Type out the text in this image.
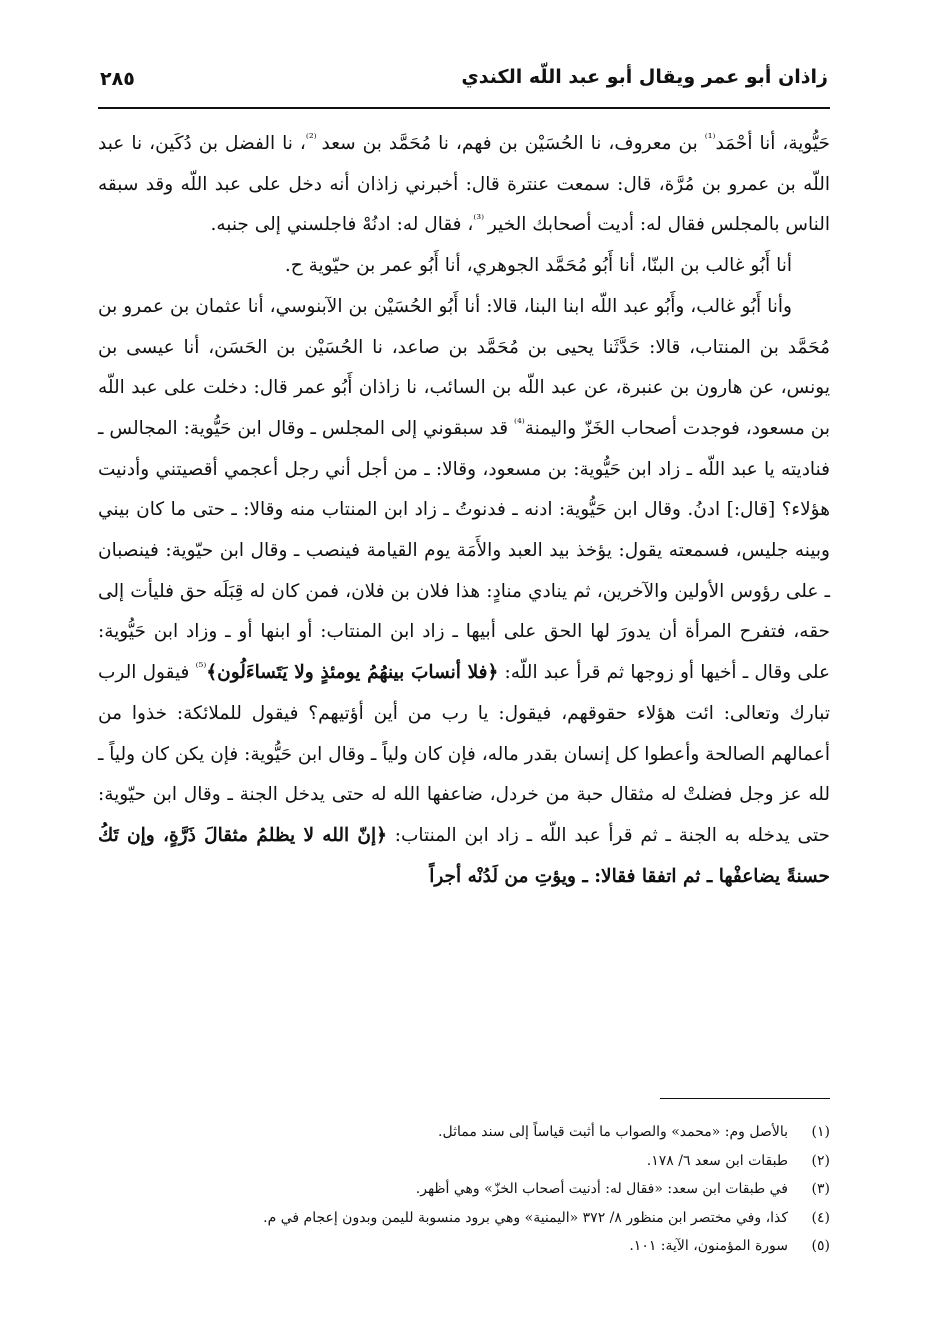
زاذان أبو عمر ويقال أبو عبد اللّه الكندي
٢٨٥

حَيُّوية، أنا أحْمَد$^{^{(1)}}$ بن معروف، نا الحُسَيْن بن فهم، نا مُحَمَّد بن سعد $^{^{(2)}}$، نا الفضل بن دُكَين، نا عبد اللّه بن عمرو بن مُرَّة، قال: سمعت عنترة قال: أخبرني زاذان أنه دخل على عبد اللّه وقد سبقه الناس بالمجلس فقال له: أديت أصحابك الخير $^{^{(3)}}$، فقال له: ادنُهْ فاجلسني إلى جنبه.

أنا أَبُو غالب بن البنّا، أنا أَبُو مُحَمَّد الجوهري، أنا أَبُو عمر بن حيّوية ح.

وأنا أَبُو غالب، وأَبُو عبد اللّه ابنا البنا، قالا: أنا أَبُو الحُسَيْن بن الآبنوسي، أنا عثمان بن عمرو بن مُحَمَّد بن المنتاب، قالا: حَدَّثَنا يحيى بن مُحَمَّد بن صاعد، نا الحُسَيْن بن الحَسَن، أنا عيسى بن يونس، عن هارون بن عنبرة، عن عبد اللّه بن السائب، نا زاذان أَبُو عمر قال: دخلت على عبد اللّه بن مسعود، فوجدت أصحاب الخَزّ واليمنة$^{^{(4)}}$ قد سبقوني إلى المجلس ـ وقال ابن حَيُّوية: المجالس ـ فناديته يا عبد اللّه ـ زاد ابن حَيُّوية: بن مسعود، وقالا: ـ من أجل أني رجل أعجمي أقصيتني وأدنيت هؤلاء؟ [قال:] ادنُ. وقال ابن حَيُّوية: ادنه ـ فدنوتُ ـ زاد ابن المنتاب منه وقالا: ـ حتى ما كان بيني وبينه جليس، فسمعته يقول: يؤخذ بيد العبد والأَمَة يوم القيامة فينصب ـ وقال ابن حيّوية: فينصبان ـ على رؤوس الأولين والآخرين، ثم ينادي منادٍ: هذا فلان بن فلان، فمن كان له قِبَلَه حق فليأت إلى حقه، فتفرح المرأة أن يدورَ لها الحق على أبيها ـ زاد ابن المنتاب: أو ابنها أو ـ وزاد ابن حَيُّوية: على وقال ـ أخيها أو زوجها ثم قرأ عبد اللّه: ﴿فلا أنسابَ بينهُمُ يومئذٍ ولا يَتَساءَلُون﴾$^{^{(5)}}$ فيقول الرب تبارك وتعالى: ائت هؤلاء حقوقهم، فيقول: يا رب من أين أؤتيهم؟ فيقول للملائكة: خذوا من أعمالهم الصالحة وأعطوا كل إنسان بقدر ماله، فإن كان ولياً ـ وقال ابن حَيُّوية: فإن يكن كان ولياً ـ لله عز وجل فضلتْ له مثقال حبة من خردل، ضاعفها الله له حتى يدخل الجنة ـ وقال ابن حيّوية: حتى يدخله به الجنة ـ ثم قرأ عبد اللّه ـ زاد ابن المنتاب: ﴿إنّ الله لا يظلمُ مثقالَ ذَرَّةٍ، وإن تَكُ حسنةً يضاعفْها ـ ثم اتفقا فقالا: ـ ويؤتِ من لَدُنْه أجراً

(١)
بالأصل وم: «محمد» والصواب ما أثبت قياساً إلى سند مماثل.
(٢)
طبقات ابن سعد ٦/ ١٧٨.
(٣)
في طبقات ابن سعد: «فقال له: أدنيت أصحاب الخزّ» وهي أظهر.
(٤)
كذا، وفي مختصر ابن منظور ٨/ ٣٧٢ «اليمنية» وهي برود منسوبة لليمن وبدون إعجام في م.
(٥)
سورة المؤمنون، الآية: ١٠١.
